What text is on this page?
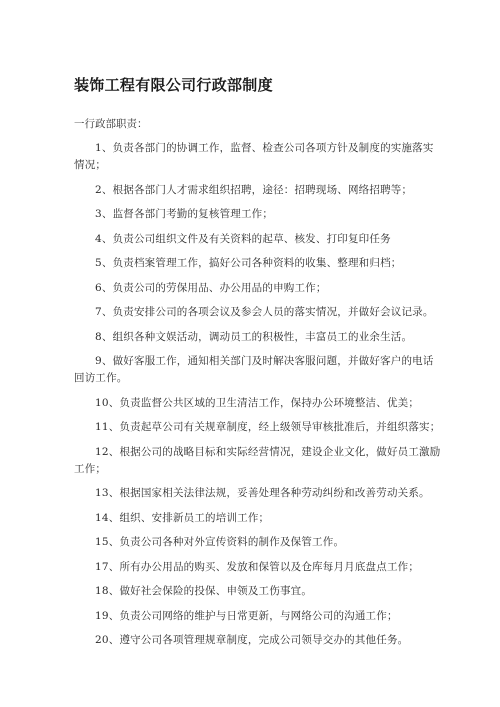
装饰工程有限公司行政部制度
一行政部职责：
1、负责各部门的协调工作，监督、检查公司各项方针及制度的实施落实情况；
2、根据各部门人才需求组织招聘，途径：招聘现场、网络招聘等；
3、监督各部门考勤的复核管理工作；
4、负责公司组织文件及有关资料的起草、核发、打印复印任务
5、负责档案管理工作，搞好公司各种资料的收集、整理和归档；
6、负责公司的劳保用品、办公用品的申购工作；
7、负责安排公司的各项会议及参会人员的落实情况，并做好会议记录。
8、组织各种文娱活动，调动员工的积极性，丰富员工的业余生活。
9、做好客服工作，通知相关部门及时解决客服问题，并做好客户的电话回访工作。
10、负责监督公共区域的卫生清洁工作，保持办公环境整洁、优美；
11、负责起草公司有关规章制度，经上级领导审核批准后，并组织落实；
12、根据公司的战略目标和实际经营情况，建设企业文化，做好员工激励工作；
13、根据国家相关法律法规，妥善处理各种劳动纠纷和改善劳动关系。
14、组织、安排新员工的培训工作；
15、负责公司各种对外宣传资料的制作及保管工作。
17、所有办公用品的购买、发放和保管以及仓库每月月底盘点工作；
18、做好社会保险的投保、申领及工伤事宜。
19、负责公司网络的维护与日常更新，与网络公司的沟通工作；
20、遵守公司各项管理规章制度，完成公司领导交办的其他任务。
